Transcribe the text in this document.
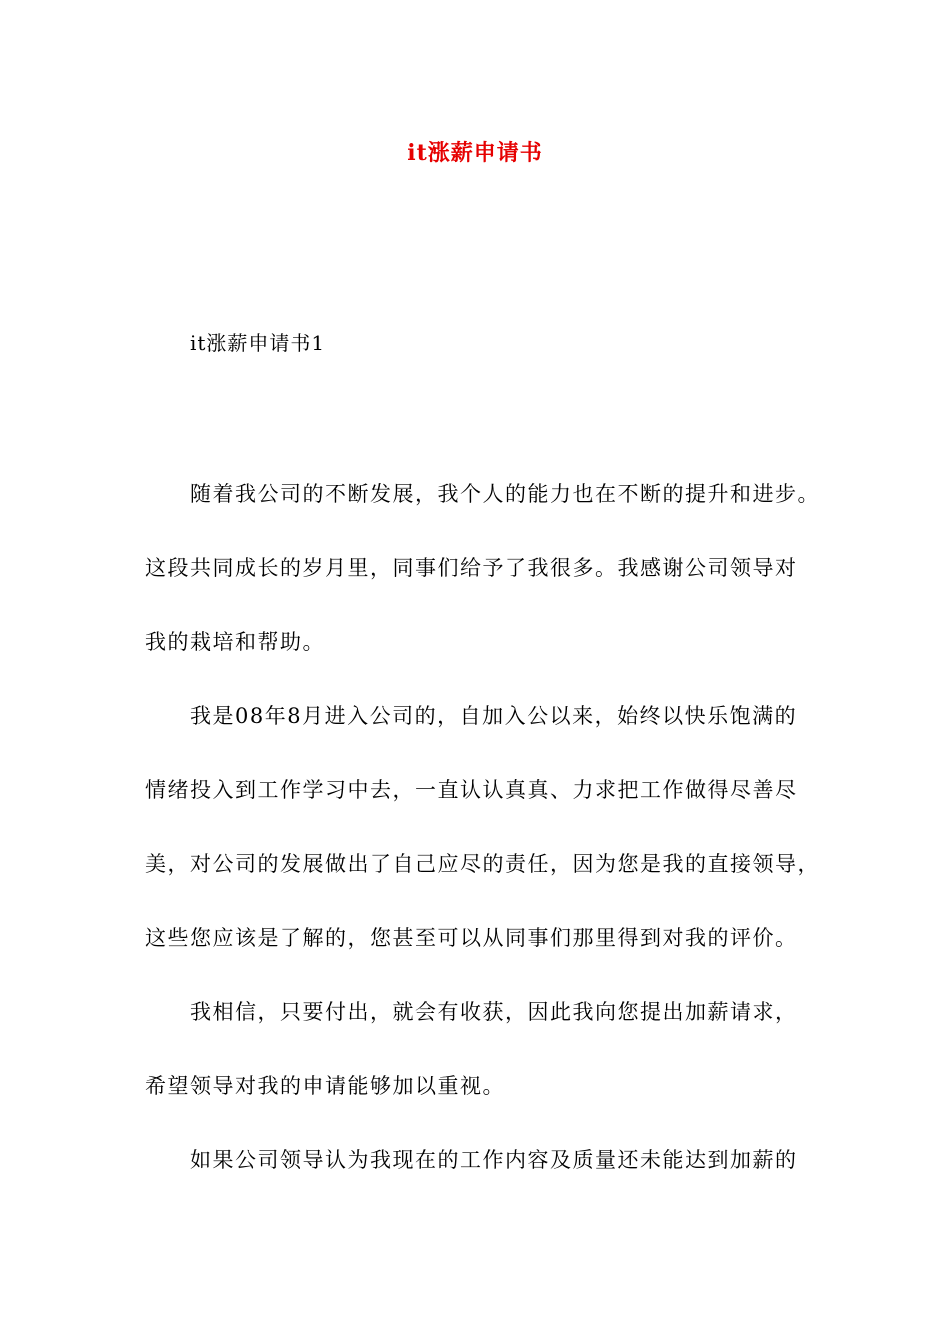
it涨薪申请书
it涨薪申请书1
随着我公司的不断发展，我个人的能力也在不断的提升和进步。
这段共同成长的岁月里，同事们给予了我很多。我感谢公司领导对
我的栽培和帮助。
我是08年8月进入公司的，自加入公以来，始终以快乐饱满的
情绪投入到工作学习中去，一直认认真真、力求把工作做得尽善尽
美，对公司的发展做出了自己应尽的责任，因为您是我的直接领导，
这些您应该是了解的，您甚至可以从同事们那里得到对我的评价。
我相信，只要付出，就会有收获，因此我向您提出加薪请求，
希望领导对我的申请能够加以重视。
如果公司领导认为我现在的工作内容及质量还未能达到加薪的
